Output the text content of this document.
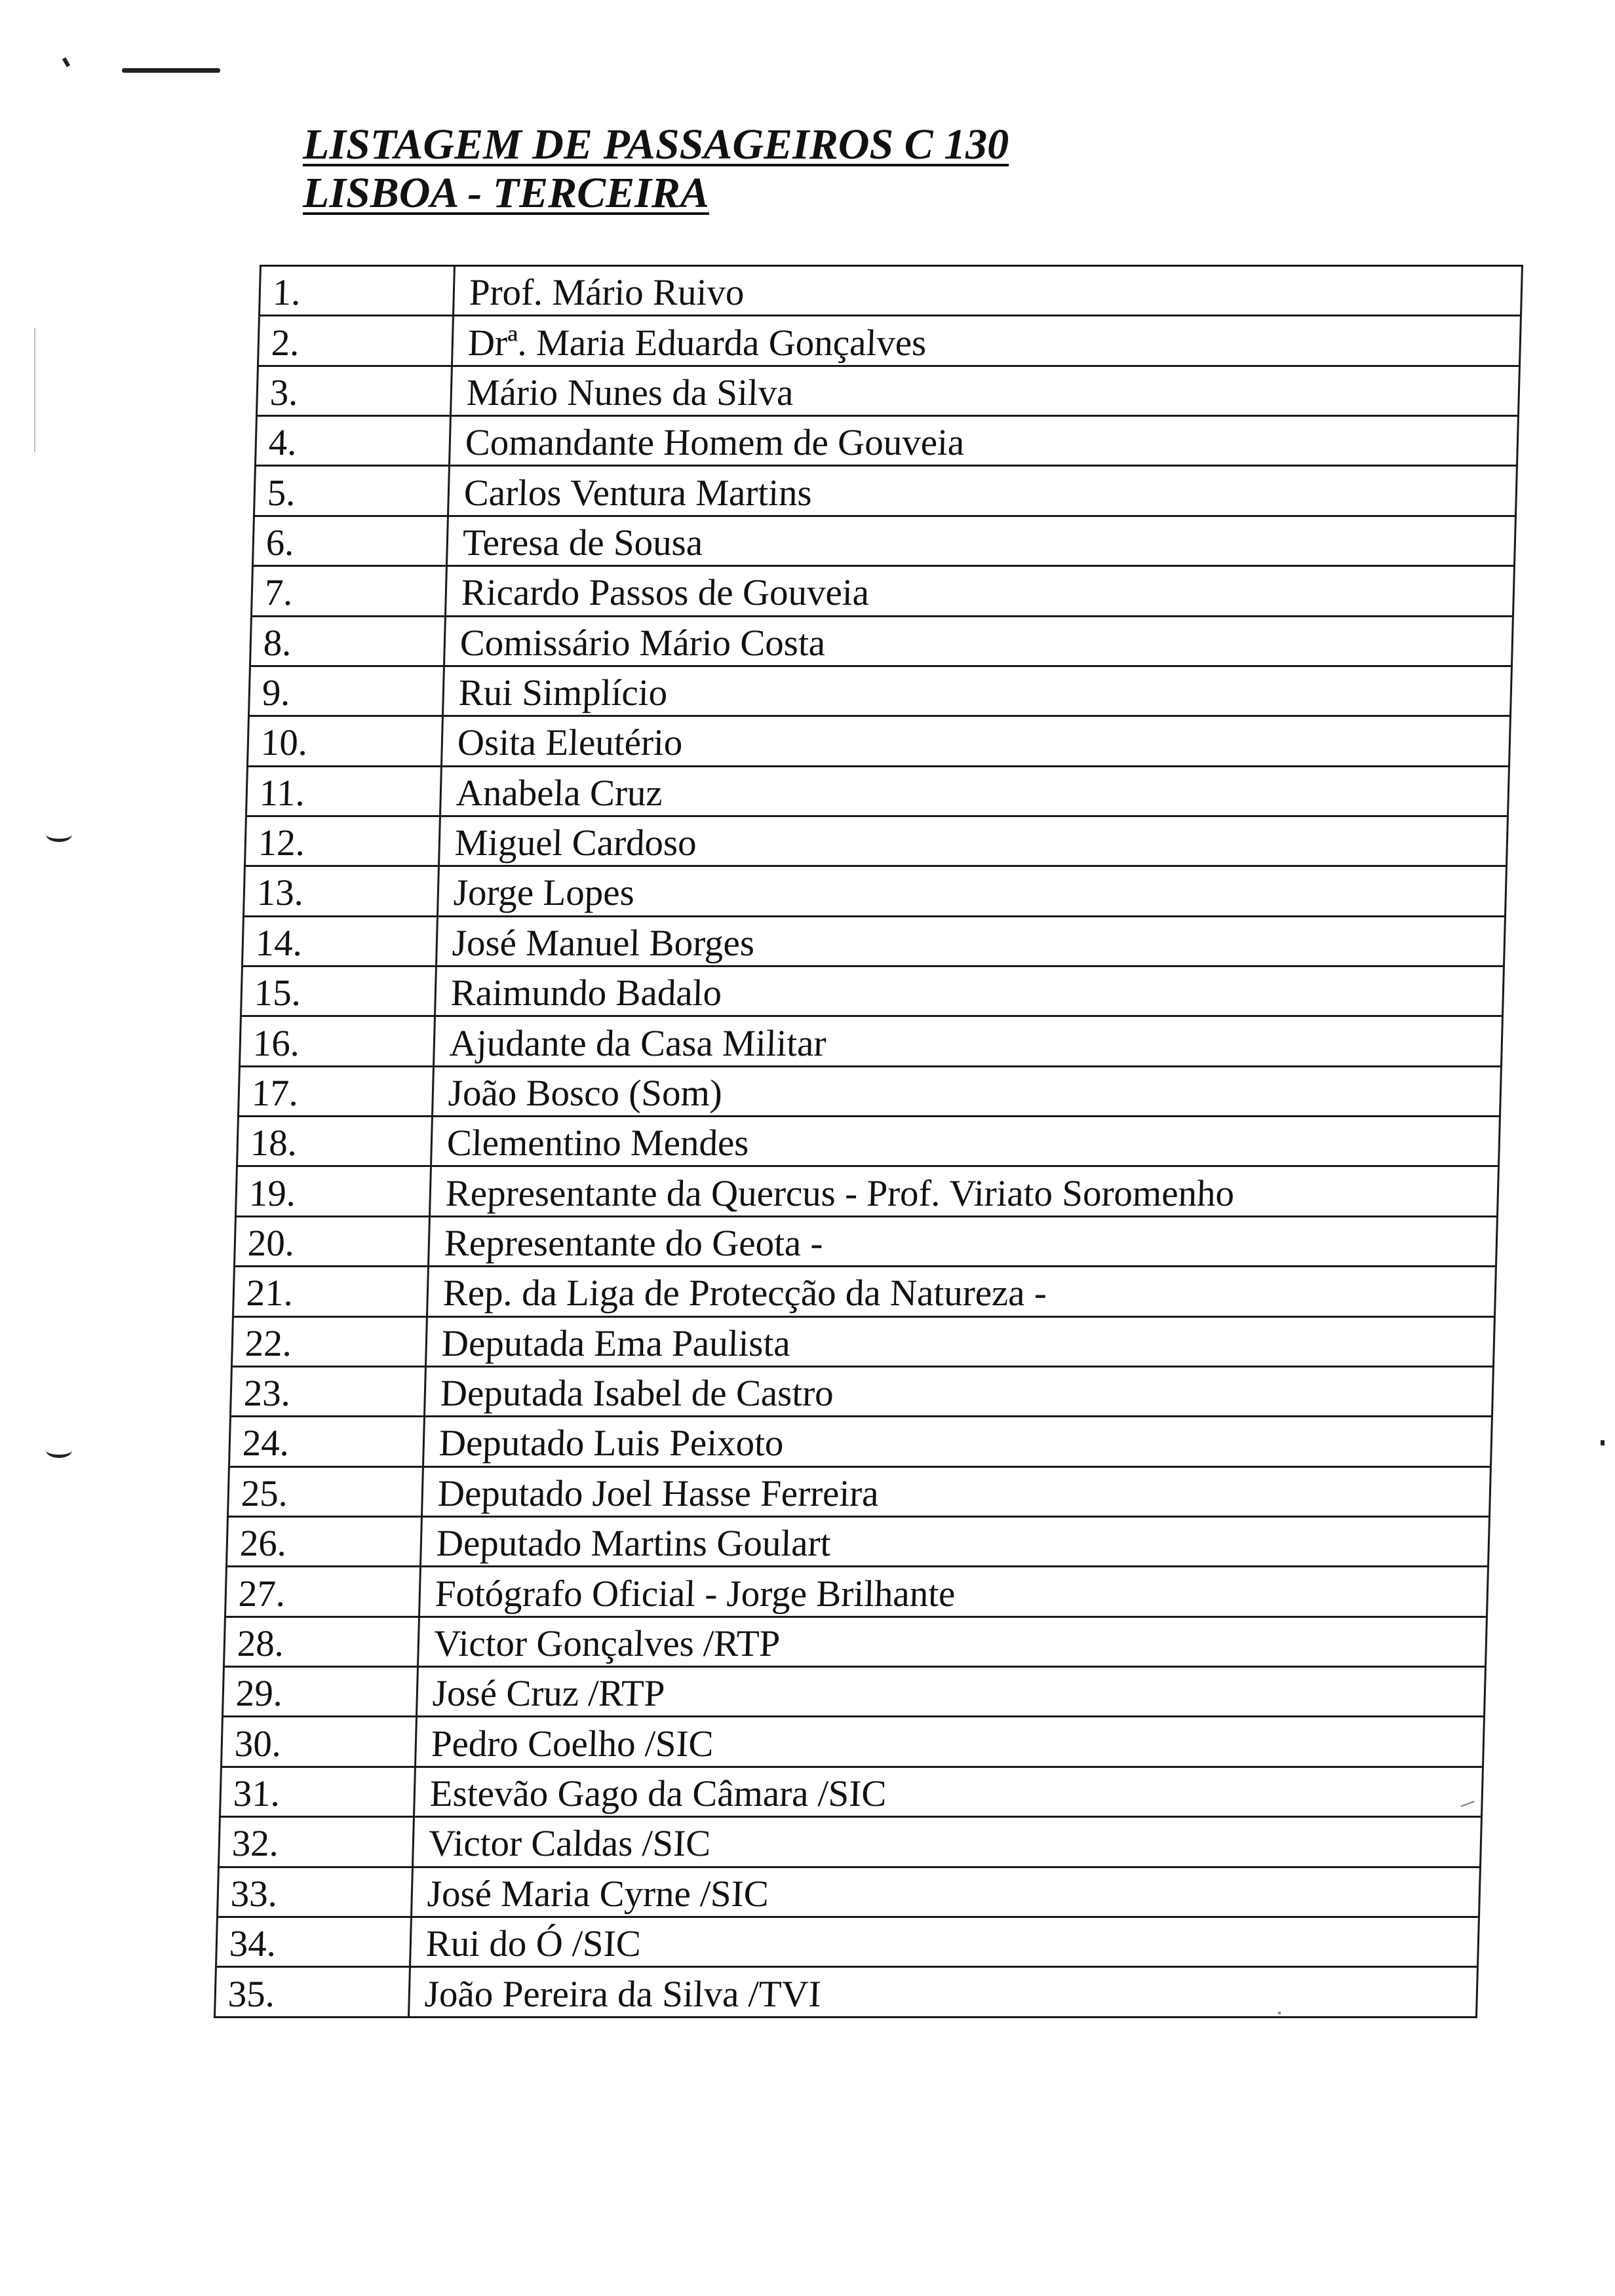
LISTAGEM DE PASSAGEIROS C 130
LISBOA - TERCEIRA
1.	Prof. Mário Ruivo
2.	Drª. Maria Eduarda Gonçalves
3.	Mário Nunes da Silva
4.	Comandante Homem de Gouveia
5.	Carlos Ventura Martins
6.	Teresa de Sousa
7.	Ricardo Passos de Gouveia
8.	Comissário Mário Costa
9.	Rui Simplício
10.	Osita Eleutério
11.	Anabela Cruz
12.	Miguel Cardoso
13.	Jorge Lopes
14.	José Manuel Borges
15.	Raimundo Badalo
16.	Ajudante da Casa Militar
17.	João Bosco (Som)
18.	Clementino Mendes
19.	Representante da Quercus - Prof. Viriato Soromenho
20.	Representante do Geota -
21.	Rep. da Liga de Protecção da Natureza -
22.	Deputada Ema Paulista
23.	Deputada Isabel de Castro
24.	Deputado Luis Peixoto
25.	Deputado Joel Hasse Ferreira
26.	Deputado Martins Goulart
27.	Fotógrafo Oficial - Jorge Brilhante
28.	Victor Gonçalves /RTP
29.	José Cruz /RTP
30.	Pedro Coelho /SIC
31.	Estevão Gago da Câmara /SIC
32.	Victor Caldas /SIC
33.	José Maria Cyrne /SIC
34.	Rui do Ó /SIC
35.	João Pereira da Silva /TVI
